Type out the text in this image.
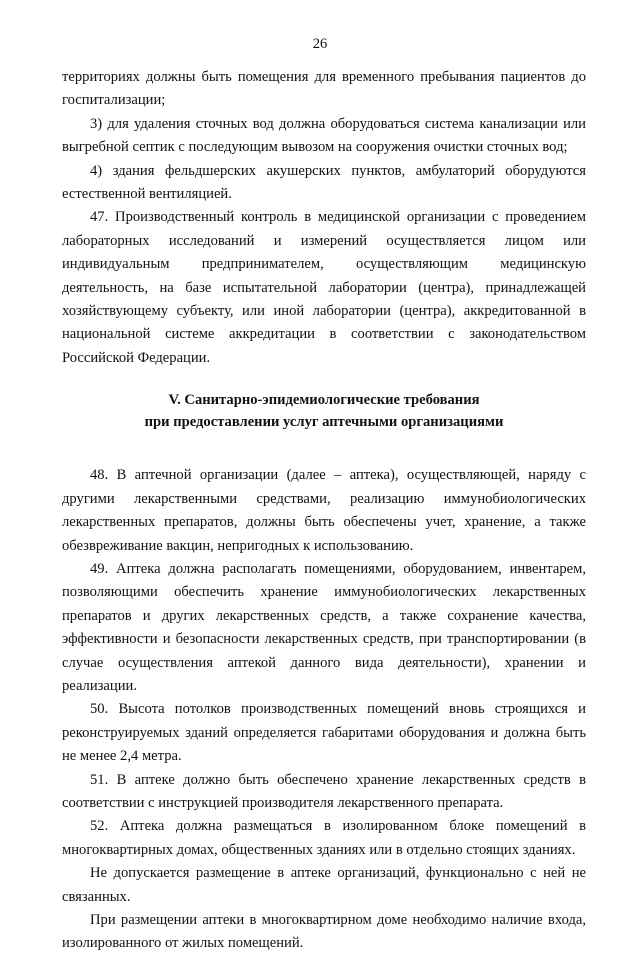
26

территориях должны быть помещения для временного пребывания пациентов до госпитализации;

3) для удаления сточных вод должна оборудоваться система канализации или выгребной септик с последующим вывозом на сооружения очистки сточных вод;

4) здания фельдшерских акушерских пунктов, амбулаторий оборудуются естественной вентиляцией.

47. Производственный контроль в медицинской организации с проведением лабораторных исследований и измерений осуществляется лицом или индивидуальным предпринимателем, осуществляющим медицинскую деятельность, на базе испытательной лаборатории (центра), принадлежащей хозяйствующему субъекту, или иной лаборатории (центра), аккредитованной в национальной системе аккредитации в соответствии с законодательством Российской Федерации.

V. Санитарно-эпидемиологические требования
при предоставлении услуг аптечными организациями

48. В аптечной организации (далее – аптека), осуществляющей, наряду с другими лекарственными средствами, реализацию иммунобиологических лекарственных препаратов, должны быть обеспечены учет, хранение, а также обезвреживание вакцин, непригодных к использованию.

49. Аптека должна располагать помещениями, оборудованием, инвентарем, позволяющими обеспечить хранение иммунобиологических лекарственных препаратов и других лекарственных средств, а также сохранение качества, эффективности и безопасности лекарственных средств, при транспортировании (в случае осуществления аптекой данного вида деятельности), хранении и реализации.

50. Высота потолков производственных помещений вновь строящихся и реконструируемых зданий определяется габаритами оборудования и должна быть не менее 2,4 метра.

51. В аптеке должно быть обеспечено хранение лекарственных средств в соответствии с инструкцией производителя лекарственного препарата.

52. Аптека должна размещаться в изолированном блоке помещений в многоквартирных домах, общественных зданиях или в отдельно стоящих зданиях.

Не допускается размещение в аптеке организаций, функционально с ней не связанных.

При размещении аптеки в многоквартирном доме необходимо наличие входа, изолированного от жилых помещений.
